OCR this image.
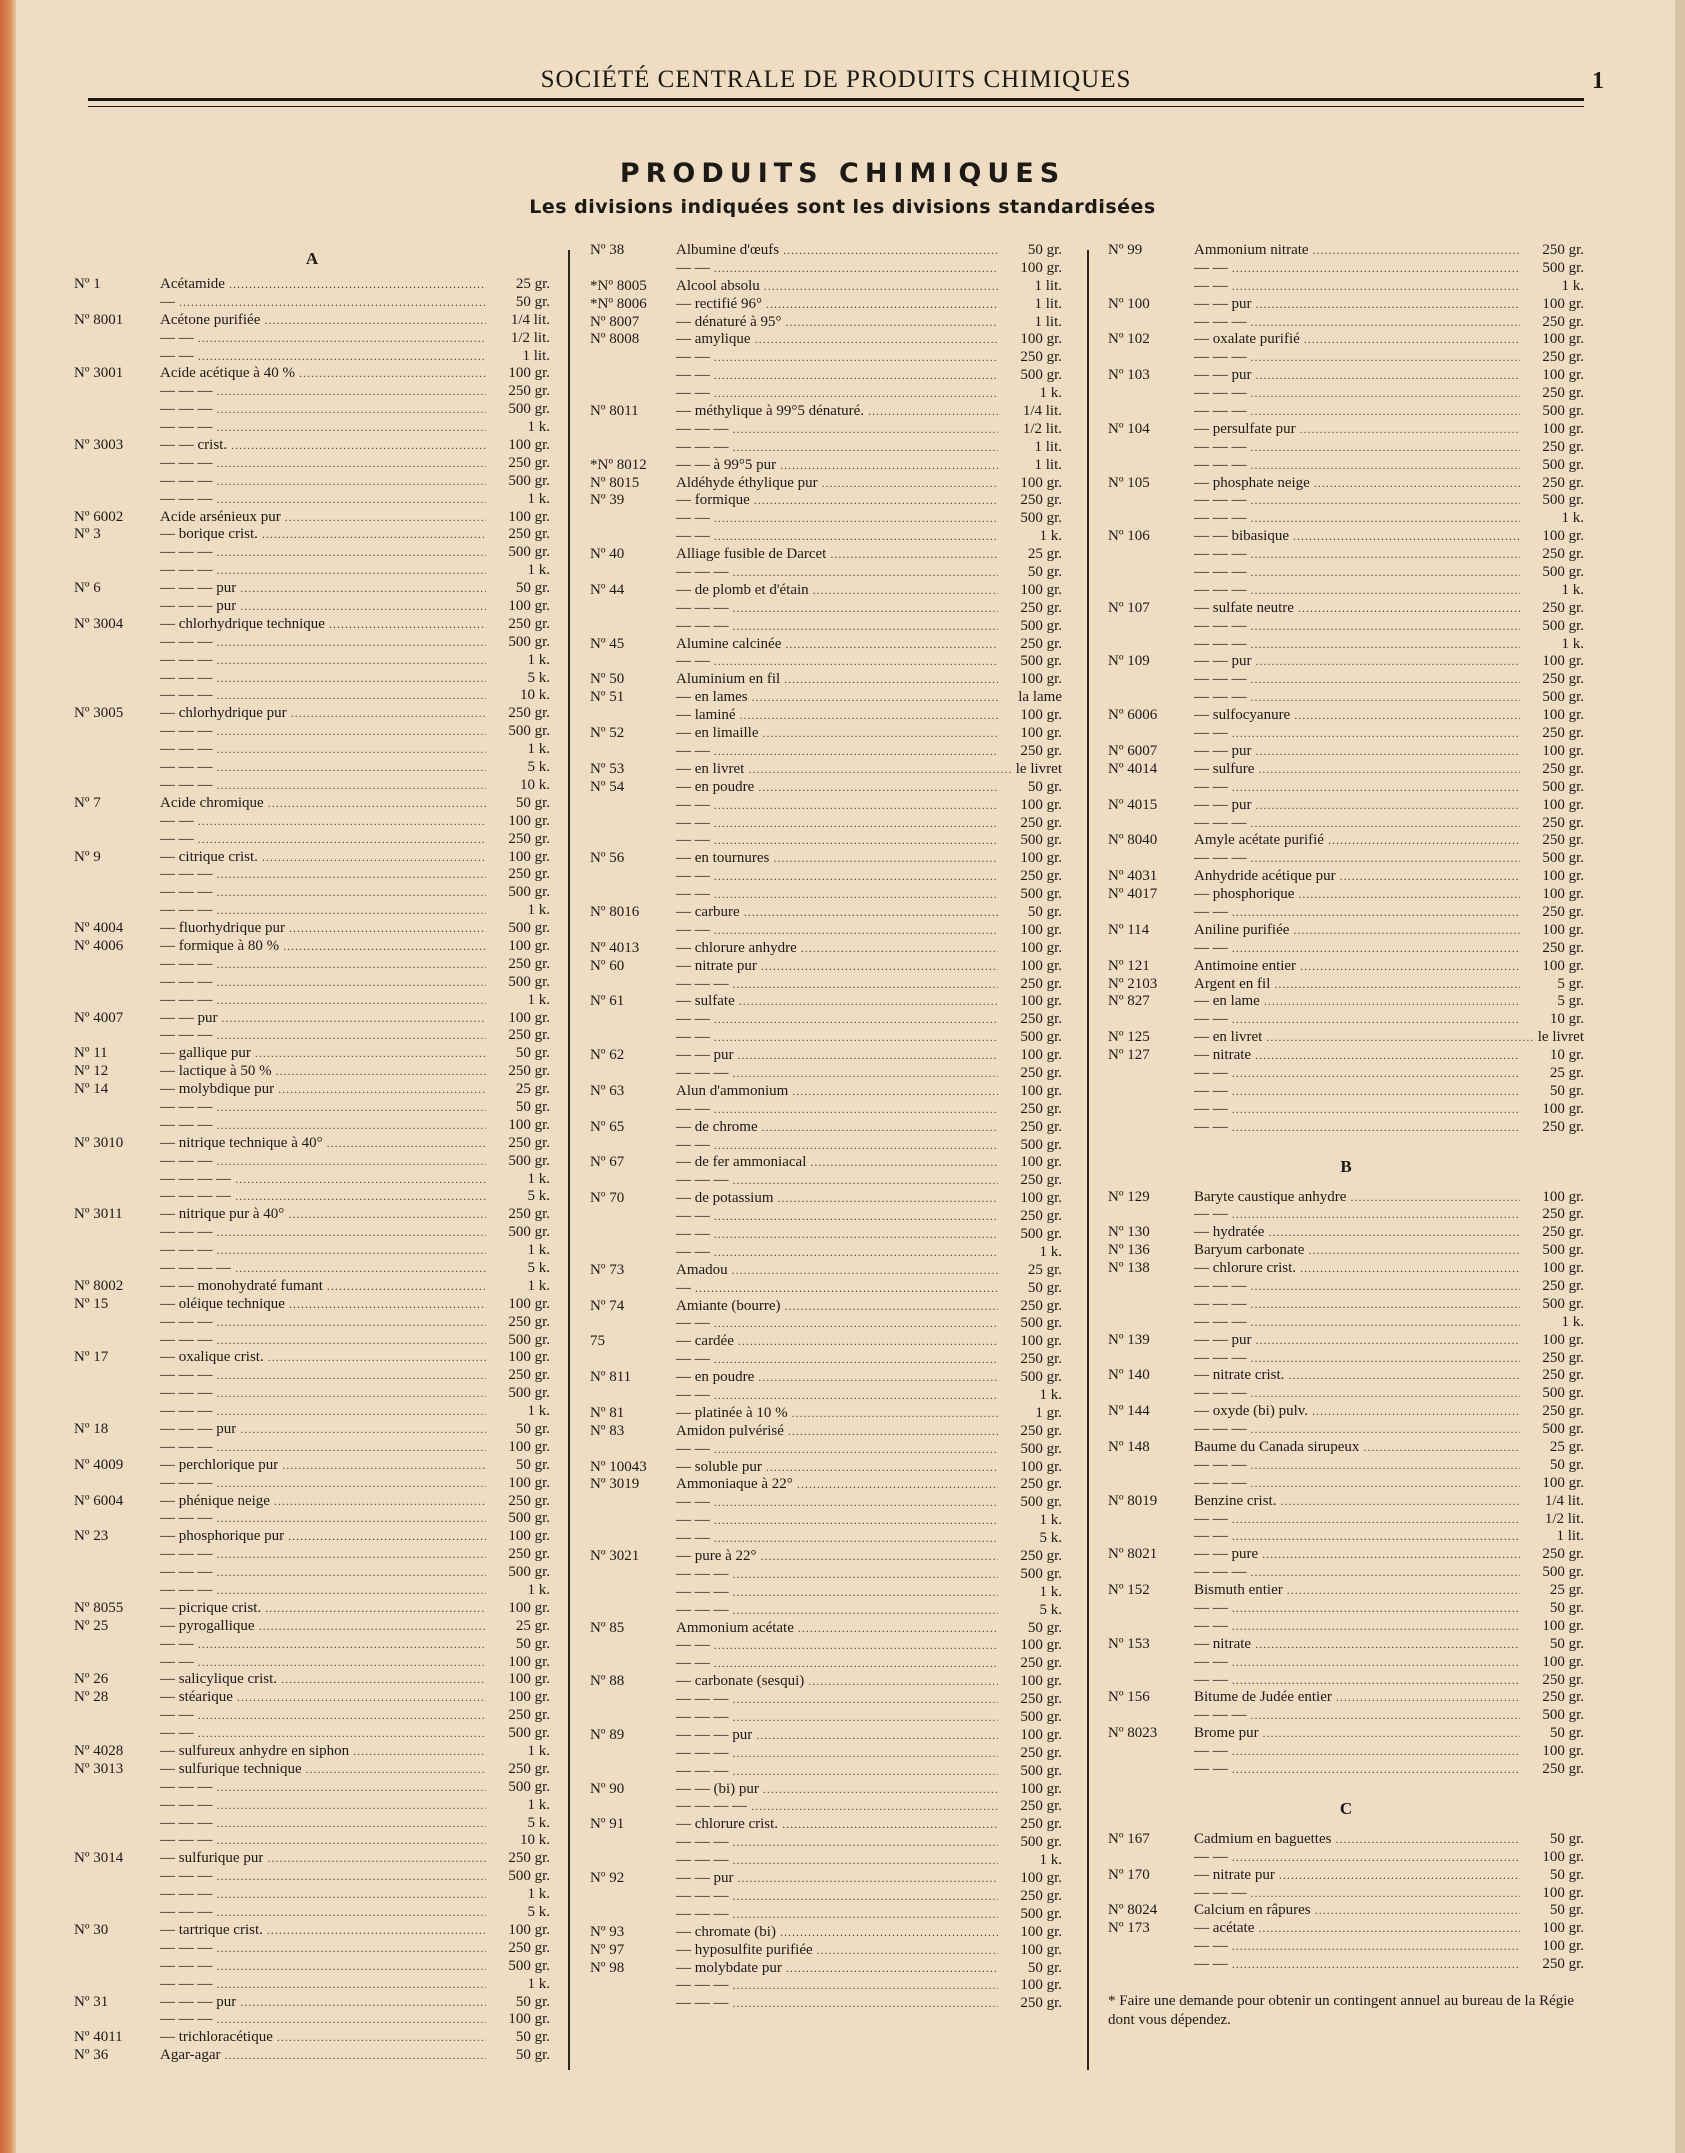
SOCIÉTÉ CENTRALE DE PRODUITS CHIMIQUES	1
PRODUITS CHIMIQUES
Les divisions indiquées sont les divisions standardisées
A
Nº 1	Acétamide .....	25 gr.
— .....	50 gr.
Nº 8001	Acétone purifiée .....	1/4 lit.
— — .....	1/2 lit.
— — .....	1 lit.
Nº 3001	Acide acétique à 40 % .....	100 gr.
— — — .....	250 gr.
— — — .....	500 gr.
— — — .....	1 k.
Nº 3003	— — crist. .....	100 gr.
— — — .....	250 gr.
— — — .....	500 gr.
— — — .....	1 k.
Nº 6002	Acide arsénieux pur .....	100 gr.
Nº 3	— borique crist. .....	250 gr.
— — — .....	500 gr.
— — — .....	1 k.
Nº 6	— — — pur .....	50 gr.
— — — pur .....	100 gr.
Nº 3004	— chlorhydrique technique .....	250 gr.
— — — .....	500 gr.
— — — .....	1 k.
— — — .....	5 k.
— — — .....	10 k.
Nº 3005	— chlorhydrique pur .....	250 gr.
— — — .....	500 gr.
— — — .....	1 k.
— — — .....	5 k.
— — — .....	10 k.
Nº 7	Acide chromique .....	50 gr.
— — .....	100 gr.
— — .....	250 gr.
Nº 9	— citrique crist. .....	100 gr.
— — — .....	250 gr.
— — — .....	500 gr.
— — — .....	1 k.
Nº 4004	— fluorhydrique pur .....	500 gr.
Nº 4006	— formique à 80 % .....	100 gr.
— — — .....	250 gr.
— — — .....	500 gr.
— — — .....	1 k.
Nº 4007	— — pur .....	100 gr.
— — — .....	250 gr.
Nº 11	— gallique pur .....	50 gr.
Nº 12	— lactique à 50 % .....	250 gr.
Nº 14	— molybdique pur .....	25 gr.
— — — .....	50 gr.
— — — .....	100 gr.
Nº 3010	— nitrique technique à 40° .....	250 gr.
— — — .....	500 gr.
— — — — .....	1 k.
— — — — .....	5 k.
Nº 3011	— nitrique pur à 40° .....	250 gr.
— — — .....	500 gr.
— — — .....	1 k.
— — — — .....	5 k.
Nº 8002	— — monohydraté fumant .....	1 k.
Nº 15	— oléique technique .....	100 gr.
— — — .....	250 gr.
— — — .....	500 gr.
Nº 17	— oxalique crist. .....	100 gr.
— — — .....	250 gr.
— — — .....	500 gr.
— — — .....	1 k.
Nº 18	— — — pur .....	50 gr.
— — — .....	100 gr.
Nº 4009	— perchlorique pur .....	50 gr.
— — — .....	100 gr.
Nº 6004	— phénique neige .....	250 gr.
— — — .....	500 gr.
Nº 23	— phosphorique pur .....	100 gr.
— — — .....	250 gr.
— — — .....	500 gr.
— — — .....	1 k.
Nº 8055	— picrique crist. .....	100 gr.
Nº 25	— pyrogallique .....	25 gr.
— — .....	50 gr.
— — .....	100 gr.
Nº 26	— salicylique crist. .....	100 gr.
Nº 28	— stéarique .....	100 gr.
— — .....	250 gr.
— — .....	500 gr.
Nº 4028	— sulfureux anhydre en siphon .....	1 k.
Nº 3013	— sulfurique technique .....	250 gr.
— — — .....	500 gr.
— — — .....	1 k.
— — — .....	5 k.
— — — .....	10 k.
Nº 3014	— sulfurique pur .....	250 gr.
— — — .....	500 gr.
— — — .....	1 k.
— — — .....	5 k.
Nº 30	— tartrique crist. .....	100 gr.
— — — .....	250 gr.
— — — .....	500 gr.
— — — .....	1 k.
Nº 31	— — — pur .....	50 gr.
— — — .....	100 gr.
Nº 4011	— trichloracétique .....	50 gr.
Nº 36	Agar-agar .....	50 gr.
Nº 38	Albumine d'œufs .....	50 gr.
— — .....	100 gr.
*Nº 8005	Alcool absolu .....	1 lit.
*Nº 8006	— rectifié 96° .....	1 lit.
Nº 8007	— dénaturé à 95° .....	1 lit.
Nº 8008	— amylique .....	100 gr.
— — .....	250 gr.
— — .....	500 gr.
— — .....	1 k.
Nº 8011	— méthylique à 99°5 dénaturé. .....	1/4 lit.
— — — .....	1/2 lit.
— — — .....	1 lit.
*Nº 8012	— — à 99°5 pur .....	1 lit.
Nº 8015	Aldéhyde éthylique pur .....	100 gr.
Nº 39	— formique .....	250 gr.
— — .....	500 gr.
— — .....	1 k.
Nº 40	Alliage fusible de Darcet .....	25 gr.
— — — .....	50 gr.
Nº 44	— de plomb et d'étain .....	100 gr.
— — — .....	250 gr.
— — — .....	500 gr.
Nº 45	Alumine calcinée .....	250 gr.
— — .....	500 gr.
Nº 50	Aluminium en fil .....	100 gr.
Nº 51	— en lames .....	la lame
— laminé .....	100 gr.
Nº 52	— en limaille .....	100 gr.
— — .....	250 gr.
Nº 53	— en livret .....	le livret
Nº 54	— en poudre .....	50 gr.
— — .....	100 gr.
— — .....	250 gr.
— — .....	500 gr.
Nº 56	— en tournures .....	100 gr.
— — .....	250 gr.
— — .....	500 gr.
Nº 8016	— carbure .....	50 gr.
— — .....	100 gr.
Nº 4013	— chlorure anhydre .....	100 gr.
Nº 60	— nitrate pur .....	100 gr.
— — — .....	250 gr.
Nº 61	— sulfate .....	100 gr.
— — .....	250 gr.
— — .....	500 gr.
Nº 62	— — pur .....	100 gr.
— — — .....	250 gr.
Nº 63	Alun d'ammonium .....	100 gr.
— — .....	250 gr.
Nº 65	— de chrome .....	250 gr.
— — .....	500 gr.
Nº 67	— de fer ammoniacal .....	100 gr.
— — — .....	250 gr.
Nº 70	— de potassium .....	100 gr.
— — .....	250 gr.
— — .....	500 gr.
— — .....	1 k.
Nº 73	Amadou .....	25 gr.
— .....	50 gr.
Nº 74	Amiante (bourre) .....	250 gr.
— — .....	500 gr.
75	— cardée .....	100 gr.
— — .....	250 gr.
Nº 811	— en poudre .....	500 gr.
— — .....	1 k.
Nº 81	— platinée à 10 % .....	1 gr.
Nº 83	Amidon pulvérisé .....	250 gr.
— — .....	500 gr.
Nº 10043	— soluble pur .....	100 gr.
Nº 3019	Ammoniaque à 22° .....	250 gr.
— — .....	500 gr.
— — .....	1 k.
— — .....	5 k.
Nº 3021	— pure à 22° .....	250 gr.
— — — .....	500 gr.
— — — .....	1 k.
— — — .....	5 k.
Nº 85	Ammonium acétate .....	50 gr.
— — .....	100 gr.
— — .....	250 gr.
Nº 88	— carbonate (sesqui) .....	100 gr.
— — — .....	250 gr.
— — — .....	500 gr.
Nº 89	— — — pur .....	100 gr.
— — — .....	250 gr.
— — — .....	500 gr.
Nº 90	— — (bi) pur .....	100 gr.
— — — — .....	250 gr.
Nº 91	— chlorure crist. .....	250 gr.
— — — .....	500 gr.
— — — .....	1 k.
Nº 92	— — pur .....	100 gr.
— — — .....	250 gr.
— — — .....	500 gr.
Nº 93	— chromate (bi) .....	100 gr.
Nº 97	— hyposulfite purifiée .....	100 gr.
Nº 98	— molybdate pur .....	50 gr.
— — — .....	100 gr.
— — — .....	250 gr.
Nº 99	Ammonium nitrate .....	250 gr.
— — .....	500 gr.
— — .....	1 k.
Nº 100	— — pur .....	100 gr.
— — — .....	250 gr.
Nº 102	— oxalate purifié .....	100 gr.
— — — .....	250 gr.
Nº 103	— — pur .....	100 gr.
— — — .....	250 gr.
— — — .....	500 gr.
Nº 104	— persulfate pur .....	100 gr.
— — — .....	250 gr.
— — — .....	500 gr.
Nº 105	— phosphate neige .....	250 gr.
— — — .....	500 gr.
— — — .....	1 k.
Nº 106	— — bibasique .....	100 gr.
— — — .....	250 gr.
— — — .....	500 gr.
— — — .....	1 k.
Nº 107	— sulfate neutre .....	250 gr.
— — — .....	500 gr.
— — — .....	1 k.
Nº 109	— — pur .....	100 gr.
— — — .....	250 gr.
— — — .....	500 gr.
Nº 6006	— sulfocyanure .....	100 gr.
— — .....	250 gr.
Nº 6007	— — pur .....	100 gr.
Nº 4014	— sulfure .....	250 gr.
— — .....	500 gr.
Nº 4015	— — pur .....	100 gr.
— — — .....	250 gr.
Nº 8040	Amyle acétate purifié .....	250 gr.
— — — .....	500 gr.
Nº 4031	Anhydride acétique pur .....	100 gr.
Nº 4017	— phosphorique .....	100 gr.
— — .....	250 gr.
Nº 114	Aniline purifiée .....	100 gr.
— — .....	250 gr.
Nº 121	Antimoine entier .....	100 gr.
Nº 2103	Argent en fil .....	5 gr.
Nº 827	— en lame .....	5 gr.
— — .....	10 gr.
Nº 125	— en livret .....	le livret
Nº 127	— nitrate .....	10 gr.
— — .....	25 gr.
— — .....	50 gr.
— — .....	100 gr.
— — .....	250 gr.
B
Nº 129	Baryte caustique anhydre .....	100 gr.
— — .....	250 gr.
Nº 130	— hydratée .....	250 gr.
Nº 136	Baryum carbonate .....	500 gr.
Nº 138	— chlorure crist. .....	100 gr.
— — — .....	250 gr.
— — — .....	500 gr.
— — — .....	1 k.
Nº 139	— — pur .....	100 gr.
— — — .....	250 gr.
Nº 140	— nitrate crist. .....	250 gr.
— — — .....	500 gr.
Nº 144	— oxyde (bi) pulv. .....	250 gr.
— — — .....	500 gr.
Nº 148	Baume du Canada sirupeux .....	25 gr.
— — — .....	50 gr.
— — — .....	100 gr.
Nº 8019	Benzine crist. .....	1/4 lit.
— — .....	1/2 lit.
— — .....	1 lit.
Nº 8021	— — pure .....	250 gr.
— — — .....	500 gr.
Nº 152	Bismuth entier .....	25 gr.
— — .....	50 gr.
— — .....	100 gr.
Nº 153	— nitrate .....	50 gr.
— — .....	100 gr.
— — .....	250 gr.
Nº 156	Bitume de Judée entier .....	250 gr.
— — — .....	500 gr.
Nº 8023	Brome pur .....	50 gr.
— — .....	100 gr.
— — .....	250 gr.
C
Nº 167	Cadmium en baguettes .....	50 gr.
— — .....	100 gr.
Nº 170	— nitrate pur .....	50 gr.
— — — .....	100 gr.
Nº 8024	Calcium en râpures .....	50 gr.
Nº 173	— acétate .....	100 gr.
— — .....	100 gr.
— — .....	250 gr.
* Faire une demande pour obtenir un contingent annuel au bureau de la Régie dont vous dépendez.
